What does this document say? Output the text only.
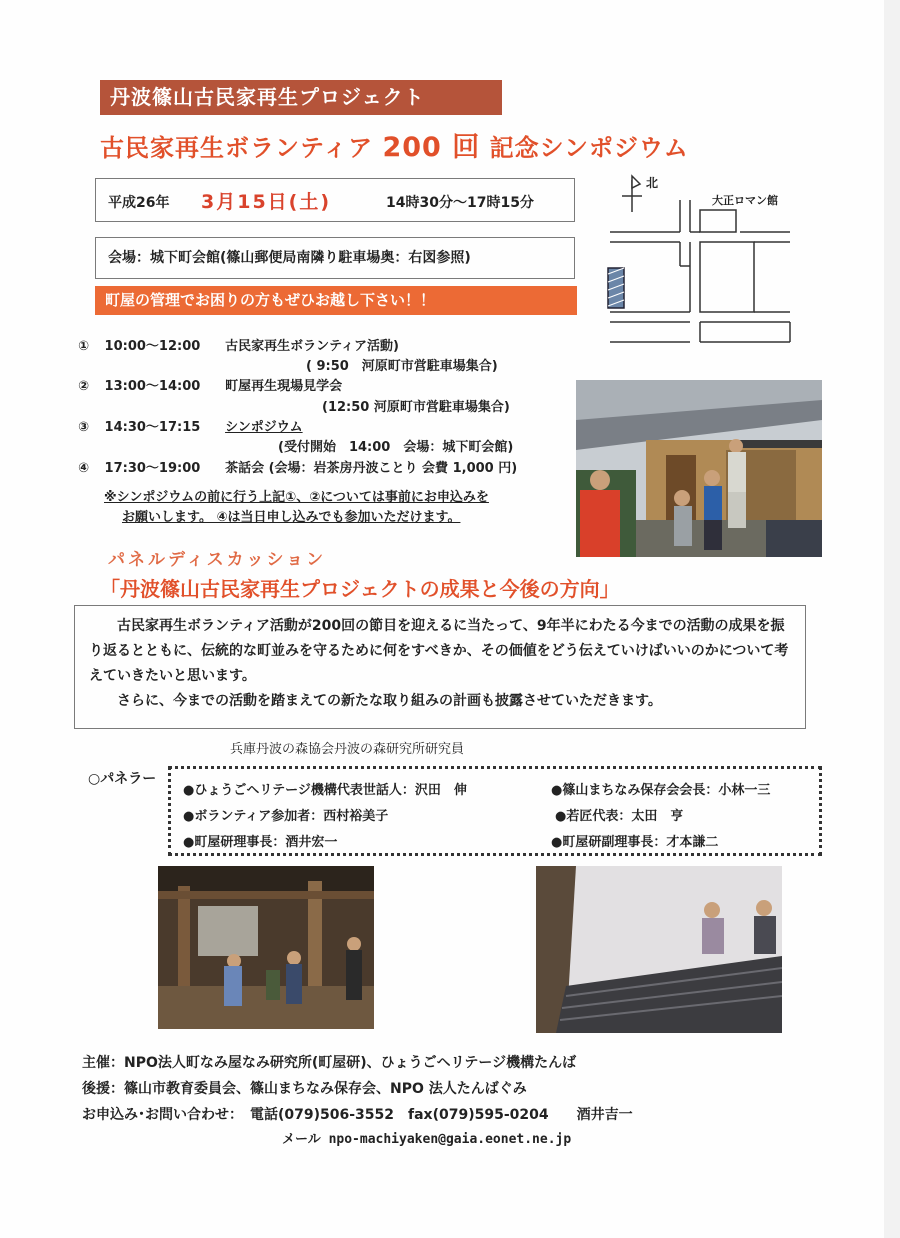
丹波篠山古民家再生プロジェクト
古民家再生ボランティア 200 回 記念シンポジウム
平成26年 3月15日(土)	14時30分～17時15分
会場：城下町会館(篠山郵便局南隣り駐車場奥：右図参照)
町屋の管理でお困りの方もぜひお越し下さい！！
北
大正ロマン館
① 10:00～12:00 古民家再生ボランティア活動)
( 9:50　河原町市営駐車場集合)
② 13:00～14:00 町屋再生現場見学会
(12:50 河原町市営駐車場集合)
③ 14:30～17:15 シンポジウム
(受付開始　14:00　会場：城下町会館)
④ 17:30～19:00 茶話会 (会場：岩茶房丹波ことり 会費 1,000 円)
※シンポジウムの前に行う上記①、②については事前にお申込みを
お願いします。 ④は当日申し込みでも参加いただけます。
パネルディスカッション
「丹波篠山古民家再生プロジェクトの成果と今後の方向」

古民家再生ボランティア活動が200回の節目を迎えるに当たって、9年半にわたる今までの活動の成果を振り返るとともに、伝統的な町並みを守るために何をすべきか、その価値をどう伝えていけばいいのかについて考えていきたいと思います。

さらに、今までの活動を踏まえての新たな取り組みの計画も披露させていただきます。

兵庫丹波の森協会丹波の森研究所研究員
○パネラー
●ひょうごヘリテージ機構代表世話人：沢田　伸	●篠山まちなみ保存会会長：小林一三
●ボランティア参加者：西村裕美子	●若匠代表：太田　亨
●町屋研理事長：酒井宏一	●町屋研副理事長：才本謙二
主催：NPO法人町なみ屋なみ研究所(町屋研)、ひょうごヘリテージ機構たんば
後援：篠山市教育委員会、篠山まちなみ保存会、NPO 法人たんばぐみ
お申込み･お問い合わせ：　電話(079)506-3552　fax(079)595-0204　　酒井吉一
メール npo-machiyaken@gaia.eonet.ne.jp
